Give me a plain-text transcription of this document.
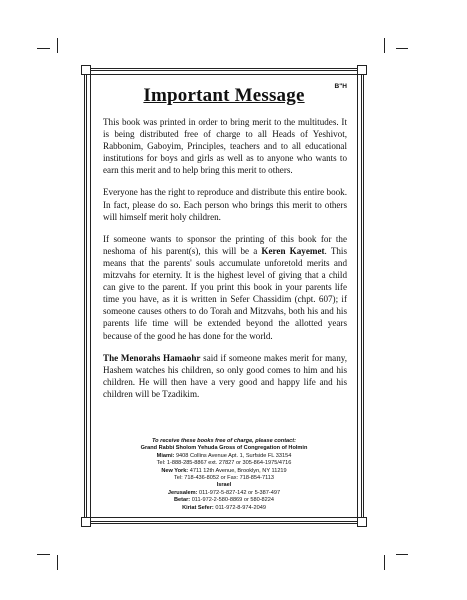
B"H
Important Message

This book was printed in order to bring merit to the multitudes. It is being distributed free of charge to all Heads of Yeshivot, Rabbonim, Gaboyim, Principles, teachers and to all educational institutions for boys and girls as well as to anyone who wants to earn this merit and to help bring this merit to others.

Everyone has the right to reproduce and distribute this entire book. In fact, please do so. Each person who brings this merit to others will himself merit holy children.

If someone wants to sponsor the printing of this book for the neshoma of his parent(s), this will be a Keren Kayemet. This means that the parents' souls accumulate unforetold merits and mitzvahs for eternity. It is the highest level of giving that a child can give to the parent. If you print this book in your parents life time you have, as it is written in Sefer Chassidim (chpt. 607); if someone causes others to do Torah and Mitzvahs, both his and his parents life time will be extended beyond the allotted years because of the good he has done for the world.

The Menorahs Hamaohr said if someone makes merit for many, Hashem watches his children, so only good comes to him and his children. He will then have a very good and happy life and his children will be Tzadikim.

To receive these books free of charge, please contact:
Grand Rabbi Sholom Yehuda Gross of Congregation of Holmin
Miami: 9408 Collins Avenue Apt. 1, Surfside FL 33154
Tel: 1-888-285-8867 ext. 27827 or 305-864-1975/4716
New York: 4711 12th Avenue, Brooklyn, NY 11219
Tel: 718-436-8052 or Fax: 718-854-7113
Israel
Jerusalem: 011-972-5-827-142 or 5-387-497
Betar: 011-972-2-580-8869 or 580-8224
Kiriat Sefer: 011-972-8-974-2049
